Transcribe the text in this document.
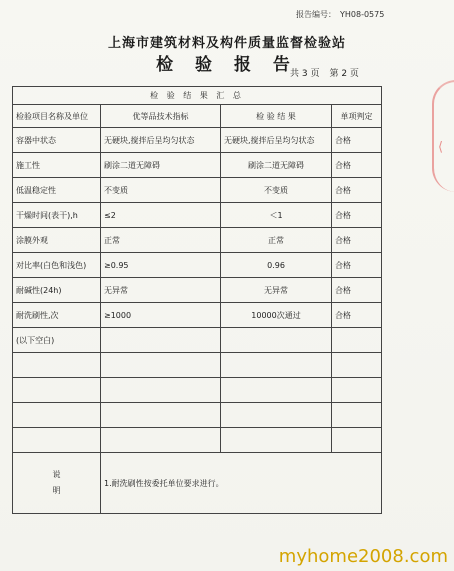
报告编号： YH08-0575
上海市建筑材料及构件质量监督检验站
检 验 报 告
共 3 页 第 2 页
⟨
检 验 结 果 汇 总			
检验项目名称及单位	优等品技术指标	检 验 结 果	单项判定
容器中状态	无硬块,搅拌后呈均匀状态	无硬块,搅拌后呈均匀状态	合格
施工性	刷涂二道无障碍	刷涂二道无障碍	合格
低温稳定性	不变质	不变质	合格
干燥时间(表干),h	≤2	＜1	合格
涂膜外观	正常	正常	合格
对比率(白色和浅色)	≥0.95	0.96	合格
耐碱性(24h)	无异常	无异常	合格
耐洗刷性,次	≥1000	10000次通过	合格
(以下空白)			

说
明	1.耐洗刷性按委托单位要求进行。		
myhome2008.com
